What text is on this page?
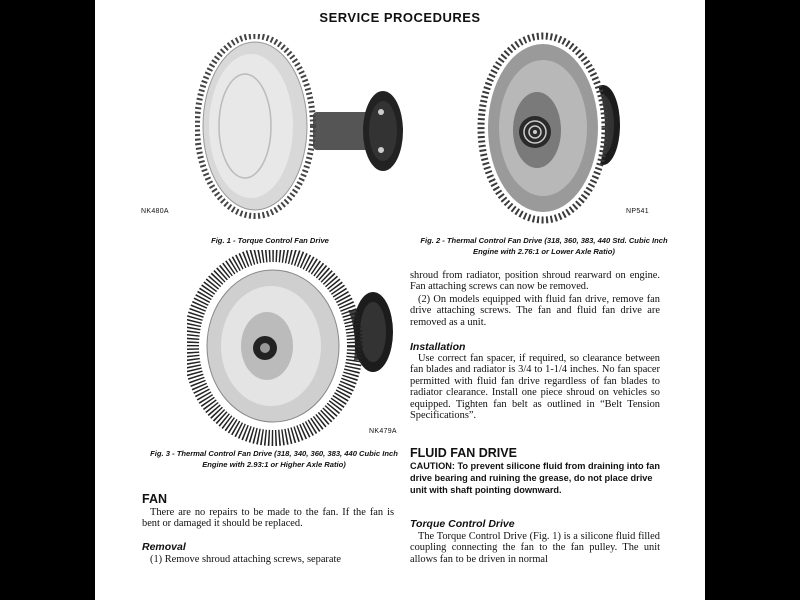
SERVICE PROCEDURES
NK480A
Fig. 1 - Torque Control Fan Drive
NP541
Fig. 2 - Thermal Control Fan Drive (318, 360, 383, 440 Std. Cubic Inch Engine with 2.76:1 or Lower Axle Ratio)
NK479A
Fig. 3 - Thermal Control Fan Drive (318, 340, 360, 383, 440 Cubic Inch Engine with 2.93:1 or Higher Axle Ratio)
FAN
There are no repairs to be made to the fan. If the fan is bent or damaged it should be replaced.
Removal
(1) Remove shroud attaching screws, separate
shroud from radiator, position shroud rearward on engine. Fan attaching screws can now be removed.
(2) On models equipped with fluid fan drive, remove fan drive attaching screws. The fan and fluid fan drive are removed as a unit.
Installation
Use correct fan spacer, if required, so clearance between fan blades and radiator is 3/4 to 1-1/4 inches. No fan spacer permitted with fluid fan drive regardless of fan blades to radiator clearance. Install one piece shroud on vehicles so equipped. Tighten fan belt as outlined in “Belt Tension Specifications”.
FLUID FAN DRIVE
CAUTION: To prevent silicone fluid from draining into fan drive bearing and ruining the grease, do not place drive unit with shaft pointing downward.
Torque Control Drive
The Torque Control Drive (Fig. 1) is a silicone fluid filled coupling connecting the fan to the fan pulley. The unit allows fan to be driven in normal
